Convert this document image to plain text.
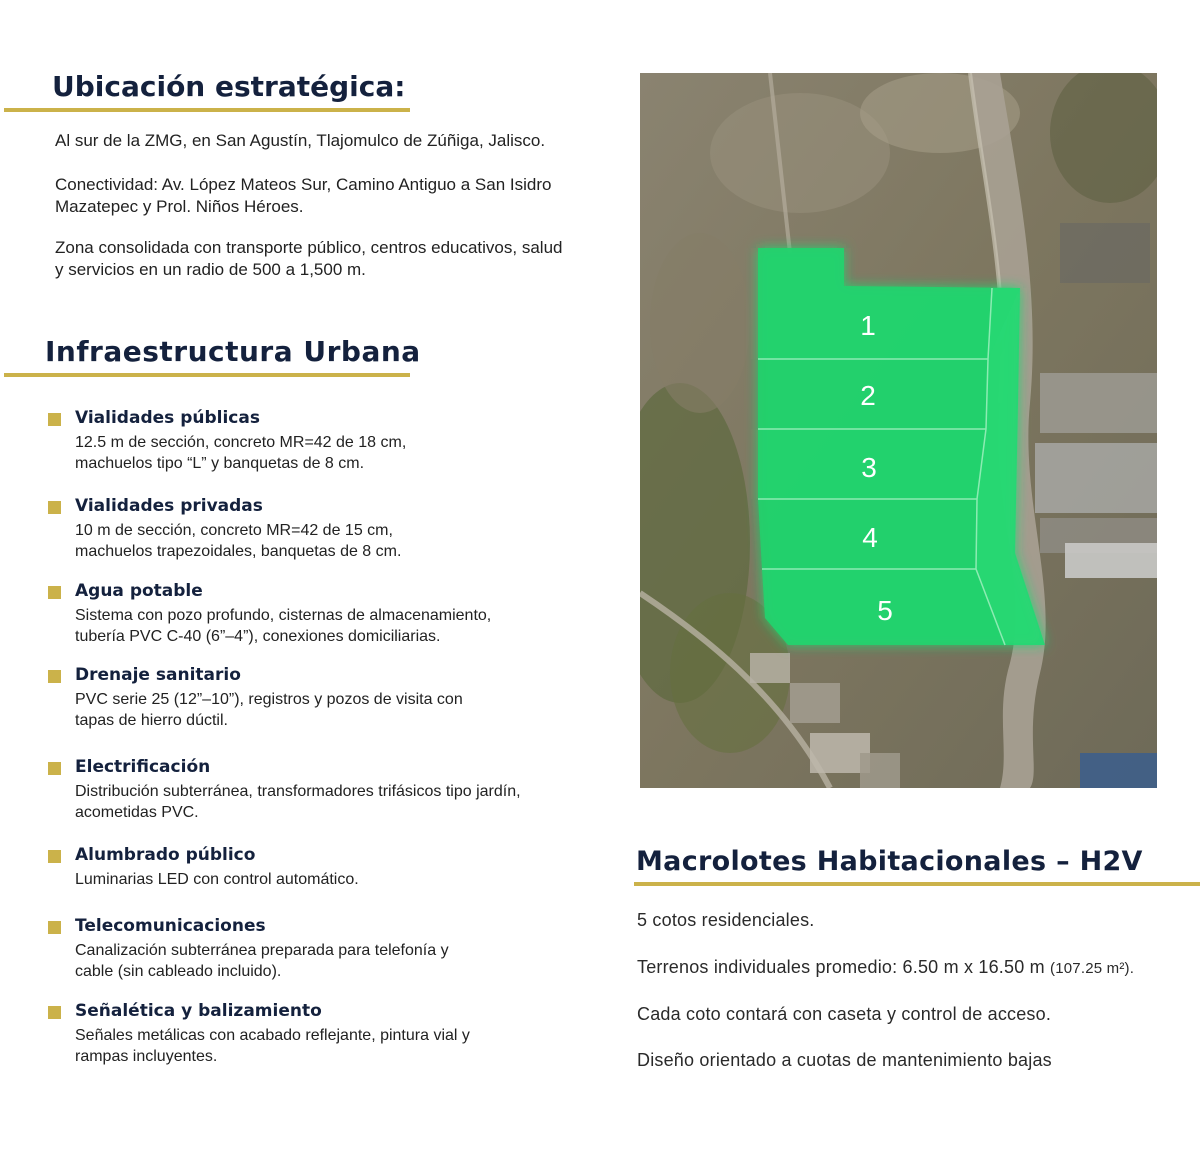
Ubicación estratégica:

Al sur de la ZMG, en San Agustín, Tlajomulco de Zúñiga, Jalisco.

Conectividad: Av. López Mateos Sur, Camino Antiguo a San Isidro

Mazatepec y Prol. Niños Héroes.

Zona consolidada con transporte público, centros educativos, salud

y servicios en un radio de 500 a 1,500 m.

Infraestructura Urbana
Vialidades públicas
12.5 m de sección, concreto MR=42 de 18 cm,
machuelos tipo “L” y banquetas de 8 cm.
Vialidades privadas
10 m de sección, concreto MR=42 de 15 cm,
machuelos trapezoidales, banquetas de 8 cm.
Agua potable
Sistema con pozo profundo, cisternas de almacenamiento,
tubería PVC C-40 (6”–4”), conexiones domiciliarias.
Drenaje sanitario
PVC serie 25 (12”–10”), registros y pozos de visita con
tapas de hierro dúctil.
Electrificación
Distribución subterránea, transformadores trifásicos tipo jardín,
acometidas PVC.
Alumbrado público
Luminarias LED con control automático.
Telecomunicaciones
Canalización subterránea preparada para telefonía y
cable (sin cableado incluido).
Señalética y balizamiento
Señales metálicas con acabado reflejante, pintura vial y
rampas incluyentes.
1
2
3
4
5
Macrolotes Habitacionales – H2V

5 cotos residenciales.

Terrenos individuales promedio: 6.50 m x 16.50 m (107.25 m²).

Cada coto contará con caseta y control de acceso.

Diseño orientado a cuotas de mantenimiento bajas
